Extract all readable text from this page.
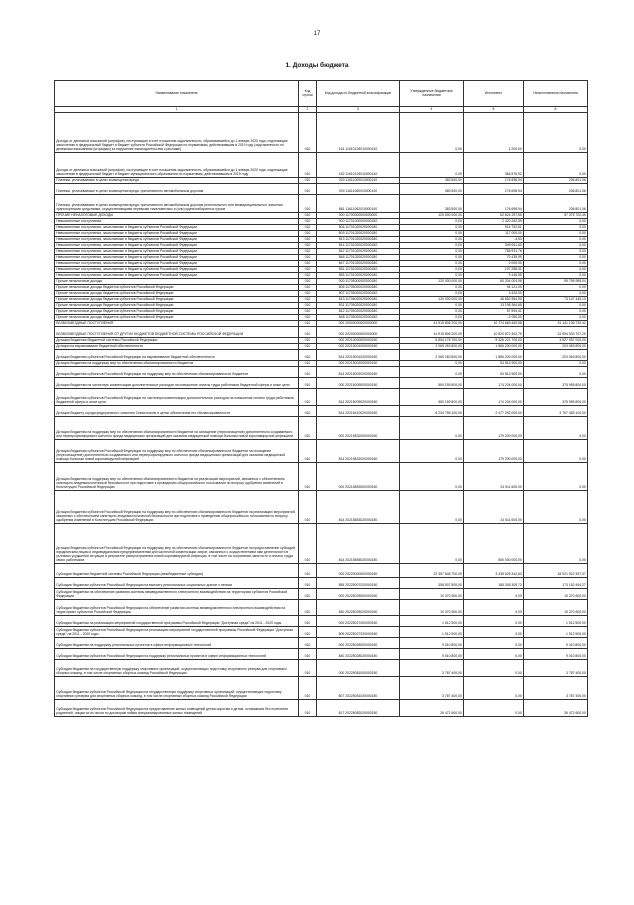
17
1. Доходы бюджета
Наименование показателя	Код строки	Код дохода по бюджетной классификации	Утвержденные бюджетные назначения	Исполнено	Неисполненные назначения
1	2	3	4	5	6
Доходы от денежных взысканий (штрафов), поступающие в счет погашения задолженности, образовавшейся до 1 января 2020 года, подлежащие зачислению в федеральный бюджет и бюджет субъекта Российской Федерации по нормативам, действовавшим в 2019 году (задолженность по денежным взысканиям (штрафам) за нарушение законодательства о рекламе)	010	161 11610128010000140	0,00	1 200,00	0,00
Доходы от денежных взысканий (штрафов), поступающие в счет погашения задолженности, образовавшейся до 1 января 2020 года, подлежащие зачислению в федеральный бюджет и бюджет муниципального образования по нормативам, действовавшим в 2019 году	010	182 11610129010000140	0,00	364 876,92	0,00
Платежи, уплачиваемые в целях возмещения вреда	010	000 11611000010000140	383 500,00	176 698,94	206 801,06
Платежи, уплачиваемые в целях возмещения вреда, причиняемого автомобильным дорогам	010	000 11611060010000140	383 500,00	176 698,94	206 801,06
Платежи, уплачиваемые в целях возмещения вреда, причиняемого автомобильным дорогам регионального или межмуниципального значения транспортными средствами, осуществляющими перевозки тяжеловесных и (или) крупногабаритных грузов	010	861 11611062010000140	383 500,00	176 698,94	206 801,06
ПРОЧИЕ НЕНАЛОГОВЫЕ ДОХОДЫ	010	000 11700000000000000	120 000 000,00	62 624 297,55	57 375 702,45
Невыясненные поступления	010	000 11701000000000180	0,00	2 420 262,59	0,00
Невыясненные поступления, зачисляемые в бюджеты субъектов Российской Федерации	010	806 11701020020000180	0,00	914 752,61	0,00
Невыясненные поступления, зачисляемые в бюджеты субъектов Российской Федерации	010	809 11701020020000180	0,00	117 000,00	0,00
Невыясненные поступления, зачисляемые в бюджеты субъектов Российской Федерации	010	813 11701020020000180	0,00	-4,53	0,00
Невыясненные поступления, зачисляемые в бюджеты субъектов Российской Федерации	010	814 11701020020000180	0,00	349 061,63	0,00
Невыясненные поступления, зачисляемые в бюджеты субъектов Российской Федерации	010	842 11701020020000180	0,00	765 931,76	0,00
Невыясненные поступления, зачисляемые в бюджеты субъектов Российской Федерации	010	846 11701020020000180	0,00	70 435,99	0,00
Невыясненные поступления, зачисляемые в бюджеты субъектов Российской Федерации	010	847 11701020020000180	0,00	2 000,00	0,00
Невыясненные поступления, зачисляемые в бюджеты субъектов Российской Федерации	010	851 11701020020000180	0,00	197 285,31	0,00
Невыясненные поступления, зачисляемые в бюджеты субъектов Российской Федерации	010	855 11701020020000180	0,00	9 145,55	0,00
Прочие неналоговые доходы	010	000 11705000000000180	120 000 000,00	60 204 004,96	59 795 995,04
Прочие неналоговые доходы бюджетов субъектов Российской Федерации	010	806 11705020020000180	0,00	94 121,00	0,00
Прочие неналоговые доходы бюджетов субъектов Российской Федерации	010	807 11705020020000180	0,00	3 420,00	0,00
Прочие неналоговые доходы бюджетов субъектов Российской Федерации	010	813 11705020020000180	120 000 000,00	46 852 554,90	73 147 445,10
Прочие неналоговые доходы бюджетов субъектов Российской Федерации	010	831 11705020020000180	0,00	13 198 364,65	0,00
Прочие неналоговые доходы бюджетов субъектов Российской Федерации	010	842 11705020020000180	0,00	57 594,41	0,00
Прочие неналоговые доходы бюджетов субъектов Российской Федерации	010	848 11705020020000180	0,00	-2 050,00	0,00
БЕЗВОЗМЕЗДНЫЕ ПОСТУПЛЕНИЯ	010	000 20000000000000000	41 915 806 200,00	10 774 669 469,58	31 141 136 730,42
БЕЗВОЗМЕЗДНЫЕ ПОСТУПЛЕНИЯ ОТ ДРУГИХ БЮДЖЕТОВ БЮДЖЕТНОЙ СИСТЕМЫ РОССИЙСКОЙ ФЕДЕРАЦИИ	010	000 20200000000000000	41 915 806 200,00	10 820 872 402,75	31 094 933 797,25
Дотации бюджетам бюджетной системы Российской Федерации	010	000 20210000000000150	8 854 178 700,00	5 326 221 700,00	3 527 957 000,00
Дотации на выравнивание бюджетной обеспеченности	010	000 20215001000000150	2 069 263 800,00	1 866 200 000,00	203 063 800,00
Дотации бюджетам субъектов Российской Федерации на выравнивание бюджетной обеспеченности	010	814 20215001020000150	2 069 263 800,00	1 866 200 000,00	203 063 800,00
Дотации бюджетам на поддержку мер по обеспечению сбалансированности бюджетов	010	000 20215002000000150	0,00	54 813 900,00	0,00
Дотации бюджетам субъектов Российской Федерации на поддержку мер по обеспечению сбалансированности бюджетов	010	814 20215002020000150	0,00	54 813 900,00	0,00
Дотации бюджетам на частичную компенсацию дополнительных расходов на повышение оплаты труда работников бюджетной сферы и иные цели	010	000 20215009000000150	550 159 800,00	174 204 000,00	375 955 800,00
Дотации бюджетам субъектов Российской Федерации на частичную компенсацию дополнительных расходов на повышение оплаты труда работников бюджетной сферы и иные цели	010	814 20215009020000150	550 159 800,00	174 204 000,00	375 955 800,00
Дотация бюджету города федерального значения Севастополя в целях обеспечения его сбалансированности	010	814 20215410020000150	6 234 755 100,00	2 477 292 000,00	3 757 463 100,00
Дотации бюджетам на поддержку мер по обеспечению сбалансированности бюджетов на оснащение (переоснащение) дополнительно создаваемого или перепрофилируемого коечного фонда медицинских организаций для оказания медицинской помощи больным новой коронавирусной инфекцией	010	000 20215832000000150	0,00	179 200 000,00	0,00
Дотации бюджетам субъектов Российской Федерации на поддержку мер по обеспечению сбалансированности бюджетов на оснащение (переоснащение) дополнительно создаваемого или перепрофилируемого коечного фонда медицинских организаций для оказания медицинской помощи больным новой коронавирусной инфекцией	010	814 20215832020000150	0,00	179 200 000,00	0,00
Дотации бюджетам на поддержку мер по обеспечению сбалансированности бюджетов на реализацию мероприятий, связанных с обеспечением санитарно-эпидемиологической безопасности при подготовке к проведению общероссийского голосования по вопросу одобрения изменений в Конституцию Российской Федерации	010	000 20215853000000150	0,00	24 511 600,00	0,00
Дотации бюджетам субъектов Российской Федерации на поддержку мер по обеспечению сбалансированности бюджетов на реализацию мероприятий, связанных с обеспечением санитарно-эпидемиологической безопасности при подготовке к проведению общероссийского голосования по вопросу одобрения изменений в Конституцию Российской Федерации	010	814 20215853020000150	0,00	24 511 600,00	0,00
Дотации бюджетам субъектов Российской Федерации на поддержку мер по обеспечению сбалансированности бюджетов на предоставление субсидий юридическим лицам и индивидуальным предпринимателям для частичной компенсации затрат, связанных с осуществлением ими деятельности в условиях ухудшения ситуации в результате распространения новой коронавирусной инфекции, в том числе на сохранение занятости и оплаты труда своих работников	010	814 20215855020000150	0,00	550 000 000,00	0,00
Субсидии бюджетам бюджетной системы Российской Федерации (межбюджетные субсидии)	010	000 20220000000000150	22 357 548 700,00	3 435 626 342,63	18 921 922 357,37
Субсидии бюджетам субъектов Российской Федерации на выплату региональных социальных доплат к пенсии	010	855 20225007020000150	358 507 800,00	185 345 305,73	173 162 494,27
Субсидии бюджетам на обеспечение развития системы межведомственного электронного взаимодействия на территориях субъектов Российской Федерации	010	000 20225028000000150	10 370 600,00	0,00	10 370 600,00
Субсидии бюджетам субъектов Российской Федерации на обеспечение развития системы межведомственного электронного взаимодействия на территориях субъектов Российской Федерации	010	840 20225028020000150	10 370 600,00	0,00	10 370 600,00
Субсидии бюджетам на реализацию мероприятий государственной программы Российской Федерации "Доступная среда" на 2011 - 2020 годы	010	000 20225027000000150	1 512 500,00	0,00	1 512 500,00
Субсидии бюджетам субъектов Российской Федерации на реализацию мероприятий государственной программы Российской Федерации "Доступная среда" на 2011 - 2020 годы	010	809 20225027020000150	1 512 500,00	0,00	1 512 500,00
Субсидии бюджетам на поддержку региональных проектов в сфере информационных технологий	010	000 20225028000000150	9 010 800,00	0,00	9 010 800,00
Субсидии бюджетам субъектов Российской Федерации на поддержку региональных проектов в сфере информационных технологий	010	840 20225028020000150	9 010 800,00	0,00	9 010 800,00
Субсидии бюджетам на государственную поддержку спортивных организаций, осуществляющих подготовку спортивного резерва для спортивных сборных команд, в том числе спортивных сборных команд Российской Федерации	010	000 20225081000000150	3 787 400,00	0,00	3 787 400,00
Субсидии бюджетам субъектов Российской Федерации на государственную поддержку спортивных организаций, осуществляющих подготовку спортивного резерва для спортивных сборных команд, в том числе спортивных сборных команд Российской Федерации	010	807 20225081020000150	3 787 400,00	0,00	3 787 400,00
Субсидии бюджетам субъектов Российской Федерации на предоставление жилых помещений детям-сиротам и детям, оставшимся без попечения родителей, лицам из их числа по договорам найма специализированных жилых помещений	010	817 20225082020000150	26 472 600,00	0,00	26 472 600,00
